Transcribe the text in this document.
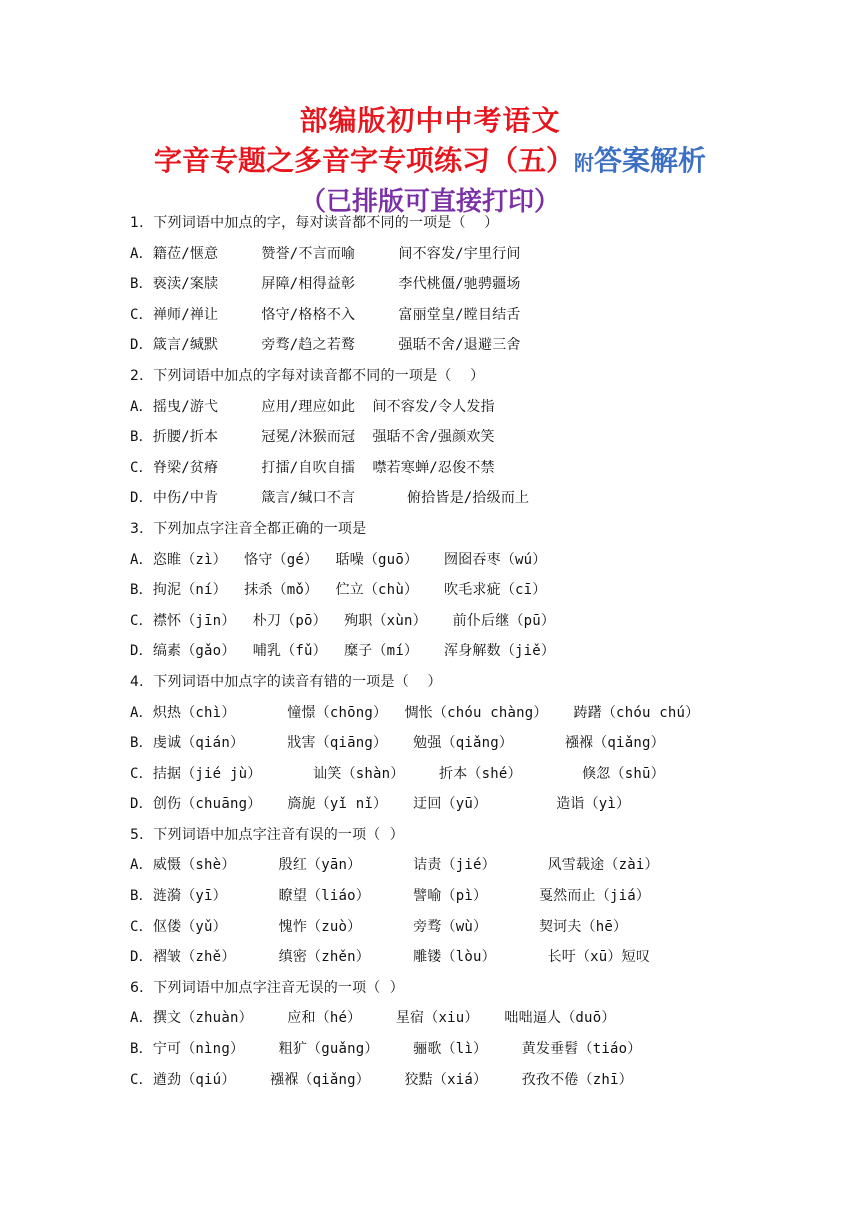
部编版初中中考语文
字音专题之多音字专项练习（五）附答案解析
（已排版可直接打印）
1．下列词语中加点的字，每对读音都不同的一项是（    ）
A．籍莅/惬意     赞誉/不言而喻     间不容发/宇里行间
B．亵渎/案牍     屏障/相得益彰     李代桃僵/驰骋疆场
C．禅师/禅让     恪守/格格不入     富丽堂皇/瞠目结舌
D．箴言/缄默     旁骛/趋之若鹜     强聒不舍/退避三舍
2．下列词语中加点的字每对读音都不同的一项是（    ）
A．摇曳/游弋     应用/理应如此  间不容发/令人发指
B．折腰/折本     冠冕/沐猴而冠  强聒不舍/强颜欢笑
C．脊梁/贫瘠     打擂/自吹自擂  噤若寒蝉/忍俊不禁
D．中伤/中肯     箴言/缄口不言      俯拾皆是/拾级而上
3．下列加点字注音全都正确的一项是
A．恣睢（zì）  恪守（gé）  聒噪（guō）   囫囵吞枣（wú）
B．拘泥（ní）  抹杀（mǒ）  伫立（chù）   吹毛求疵（cī）
C．襟怀（jīn）  朴刀（pō）  殉职（xùn）   前仆后继（pū）
D．缟素（gǎo）  哺乳（fǔ）  糜子（mí）   浑身解数（jiě）
4．下列词语中加点字的读音有错的一项是（    ）
A．炽热（chì）      憧憬（chōng）  惆怅（chóu chàng）   踌躇（chóu chú）
B．虔诚（qián）     戕害（qiāng）   勉强（qiǎng）      襁褓（qiǎng）
C．拮据（jié jù）      讪笑（shàn）    折本（shé）       倏忽（shū）
D．创伤（chuāng）   旖旎（yǐ nǐ）   迂回（yū）        造诣（yì）
5．下列词语中加点字注音有误的一项（  ）
A．威慑（shè）     殷红（yān）      诘责（jié）      风雪载途（zài）
B．涟漪（yī）      瞭望（liáo）     譬喻（pì）      戛然而止（jiá）
C．伛偻（yǔ）      愧怍（zuò）      旁骛（wù）      契诃夫（hē）
D．褶皱（zhě）     缜密（zhěn）     雕镂（lòu）      长吁（xū）短叹
6．下列词语中加点字注音无误的一项（  ）
A．撰文（zhuàn）    应和（hé）    星宿（xiu）   咄咄逼人（duō）
B．宁可（nìng）    粗犷（guǎng）    骊歌（lì）    黄发垂髫（tiáo）
C．遒劲（qiú）    襁褓（qiǎng）    狡黠（xiá）    孜孜不倦（zhī）
